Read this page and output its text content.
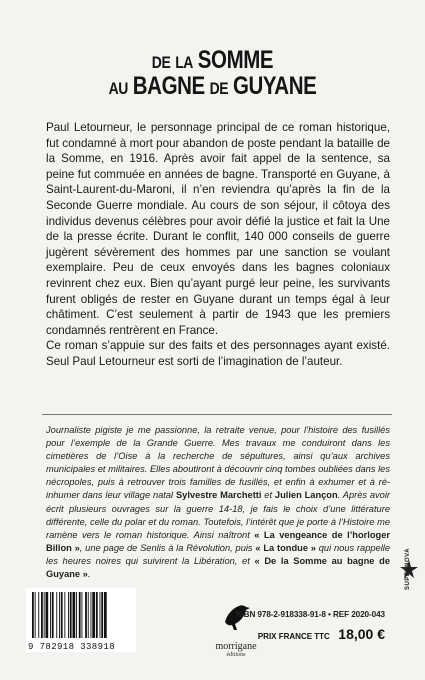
DE LA SOMME
AU BAGNE DE GUYANE

Paul Letourneur, le personnage principal de ce roman historique, fut condamné à mort pour abandon de poste pendant la bataille de la Somme, en 1916. Après avoir fait appel de la sentence, sa peine fut commuée en années de bagne. Transporté en Guyane, à Saint-Laurent-du-Maroni, il n’en reviendra qu’après la fin de la Seconde Guerre mondiale. Au cours de son séjour, il côtoya des individus devenus célèbres pour avoir défié la justice et fait la Une de la presse écrite. Durant le conflit, 140 000 conseils de guerre jugèrent sévèrement des hommes par une sanction se voulant exemplaire. Peu de ceux envoyés dans les bagnes coloniaux revinrent chez eux. Bien qu’ayant purgé leur peine, les survivants furent obligés de rester en Guyane durant un temps égal à leur châtiment. C’est seulement à partir de 1943 que les premiers condamnés rentrèrent en France.

Ce roman s’appuie sur des faits et des personnages ayant existé. Seul Paul Letourneur est sorti de l’imagination de l’auteur.

Journaliste pigiste je me passionne, la retraite venue, pour l’histoire des fusillés pour l’exemple de la Grande Guerre. Mes travaux me conduiront dans les cimetières de l’Oise à la recherche de sépultures, ainsi qu’aux archives municipales et militaires. Elles aboutiront à découvrir cinq tombes oubliées dans les nécropoles, puis à retrouver trois familles de fusillés, et enfin à exhumer et à ré-inhumer dans leur village natal Sylvestre Marchetti et Julien Lançon. Après avoir écrit plusieurs ouvrages sur la guerre 14-18, je fais le choix d’une littérature différente, celle du polar et du roman. Toutefois, l’intérêt que je porte à l’Histoire me ramène vers le roman historique. Ainsi naîtront « La vengeance de l’horloger Billon », une page de Senlis à la Révolution, puis « La tondue » qui nous rappelle les heures noires qui suivirent la Libération, et « De la Somme au bagne de Guyane ».	SUPERNOVA
9 782918 338918	morrigane
éditions
ISBN 978-2-918338-91-8 • REF 2020-043
PRIX FRANCE TTC 18,00 €
